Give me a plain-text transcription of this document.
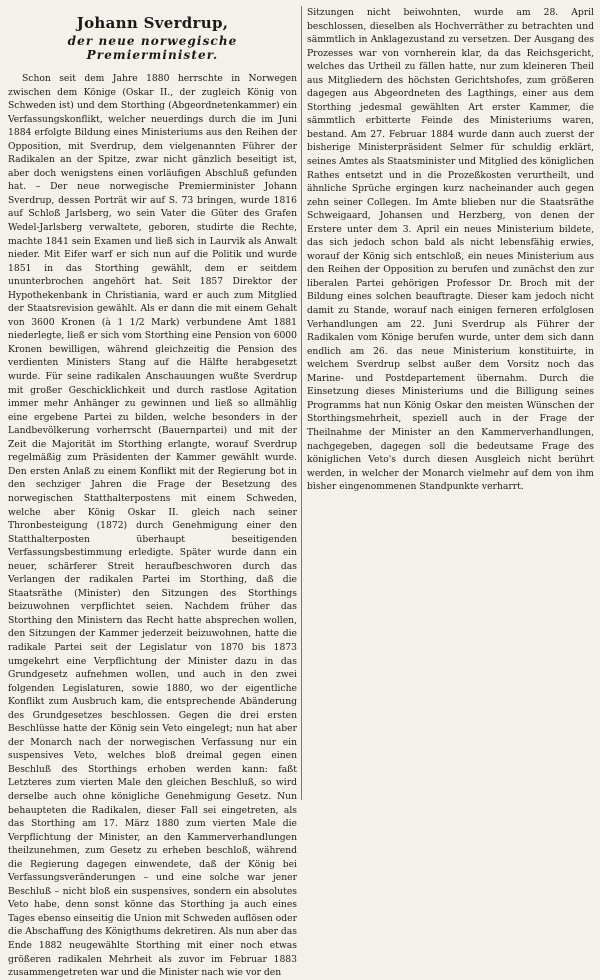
Johann Sverdrup,
der neue norwegische Premierminister.

Schon seit dem Jahre 1880 herrschte in Norwegen zwischen dem Könige (Oskar II., der zugleich König von Schweden ist) und dem Storthing (Abgeordnetenkammer) ein Verfassungskonflikt, welcher neuerdings durch die im Juni 1884 erfolgte Bildung eines Ministeriums aus den Reihen der Opposition, mit Sverdrup, dem vielgenannten Führer der Radikalen an der Spitze, zwar nicht gänzlich beseitigt ist, aber doch wenigstens einen vorläufigen Abschluß gefunden hat. – Der neue norwegische Premierminister Johann Sverdrup, dessen Porträt wir auf S. 73 bringen, wurde 1816 auf Schloß Jarlsberg, wo sein Vater die Güter des Grafen Wedel-Jarlsberg verwaltete, geboren, studirte die Rechte, machte 1841 sein Examen und ließ sich in Laurvik als Anwalt nieder. Mit Eifer warf er sich nun auf die Politik und wurde 1851 in das Storthing gewählt, dem er seitdem ununterbrochen angehört hat. Seit 1857 Direktor der Hypothekenbank in Christiania, ward er auch zum Mitglied der Staatsrevision gewählt. Als er dann die mit einem Gehalt von 3600 Kronen (à 1 1/2 Mark) verbundene Amt 1881 niederlegte, ließ er sich vom Storthing eine Pension von 6000 Kronen bewilligen, während gleichzeitig die Pension des verdienten Ministers Stang auf die Hälfte herabgesetzt wurde. Für seine radikalen Anschauungen wußte Sverdrup mit großer Geschicklichkeit und durch rastlose Agitation immer mehr Anhänger zu gewinnen und ließ so allmählig eine ergebene Partei zu bilden, welche besonders in der Landbevölkerung vorherrscht (Bauernpartei) und mit der Zeit die Majorität im Storthing erlangte, worauf Sverdrup regelmäßig zum Präsidenten der Kammer gewählt wurde. Den ersten Anlaß zu einem Konflikt mit der Regierung bot in den sechziger Jahren die Frage der Besetzung des norwegischen Statthalterpostens mit einem Schweden, welche aber König Oskar II. gleich nach seiner Thronbesteigung (1872) durch Genehmigung einer den Statthalterposten überhaupt beseitigenden Verfassungsbestimmung erledigte. Später wurde dann ein neuer, schärferer Streit heraufbeschworen durch das Verlangen der radikalen Partei im Storthing, daß die Staatsräthe (Minister) den Sitzungen des Storthings beizuwohnen verpflichtet seien. Nachdem früher das Storthing den Ministern das Recht hatte absprechen wollen, den Sitzungen der Kammer jederzeit beizuwohnen, hatte die radikale Partei seit der Legislatur von 1870 bis 1873 umgekehrt eine Verpflichtung der Minister dazu in das Grundgesetz aufnehmen wollen, und auch in den zwei folgenden Legislaturen, sowie 1880, wo der eigentliche Konflikt zum Ausbruch kam, die entsprechende Abänderung des Grundgesetzes beschlossen. Gegen die drei ersten Beschlüsse hatte der König sein Veto eingelegt; nun hat aber der Monarch nach der norwegischen Verfassung nur ein suspensives Veto, welches bloß dreimal gegen einen Beschluß des Storthings erhoben werden kann: faßt Letzteres zum vierten Male den gleichen Beschluß, so wird derselbe auch ohne königliche Genehmigung Gesetz. Nun behaupteten die Radikalen, dieser Fall sei eingetreten, als das Storthing am 17. März 1880 zum vierten Male die Verpflichtung der Minister, an den Kammerverhandlungen theilzunehmen, zum Gesetz zu erheben beschloß, während die Regierung dagegen einwendete, daß der König bei Verfassungsveränderungen – und eine solche war jener Beschluß – nicht bloß ein suspensives, sondern ein absolutes Veto habe, denn sonst könne das Storthing ja auch eines Tages ebenso einseitig die Union mit Schweden auflösen oder die Abschaffung des Königthums dekretiren. Als nun aber das Ende 1882 neugewählte Storthing mit einer noch etwas größeren radikalen Mehrheit als zuvor im Februar 1883 zusammengetreten war und die Minister nach wie vor den

Sitzungen nicht beiwohnten, wurde am 28. April beschlossen, dieselben als Hochverräther zu betrachten und sämmtlich in Anklagezustand zu versetzen. Der Ausgang des Prozesses war von vornherein klar, da das Reichsgericht, welches das Urtheil zu fällen hatte, nur zum kleineren Theil aus Mitgliedern des höchsten Gerichtshofes, zum größeren dagegen aus Abgeordneten des Lagthings, einer aus dem Storthing jedesmal gewählten Art erster Kammer, die sämmtlich erbitterte Feinde des Ministeriums waren, bestand. Am 27. Februar 1884 wurde dann auch zuerst der bisherige Ministerpräsident Selmer für schuldig erklärt, seines Amtes als Staatsminister und Mitglied des königlichen Rathes entsetzt und in die Prozeßkosten verurtheilt, und ähnliche Sprüche ergingen kurz nacheinander auch gegen zehn seiner Collegen. Im Amte blieben nur die Staatsräthe Schweigaard, Johansen und Herzberg, von denen der Erstere unter dem 3. April ein neues Ministerium bildete, das sich jedoch schon bald als nicht lebensfähig erwies, worauf der König sich entschloß, ein neues Ministerium aus den Reihen der Opposition zu berufen und zunächst den zur liberalen Partei gehörigen Professor Dr. Broch mit der Bildung eines solchen beauftragte. Dieser kam jedoch nicht damit zu Stande, worauf nach einigen ferneren erfolglosen Verhandlungen am 22. Juni Sverdrup als Führer der Radikalen vom Könige berufen wurde, unter dem sich dann endlich am 26. das neue Ministerium konstituirte, in welchem Sverdrup selbst außer dem Vorsitz noch das Marine- und Postdepartement übernahm. Durch die Einsetzung dieses Ministeriums und die Billigung seines Programms hat nun König Oskar den meisten Wünschen der Storthingsmehrheit, speziell auch in der Frage der Theilnahme der Minister an den Kammerverhandlungen, nachgegeben, dagegen soll die bedeutsame Frage des königlichen Veto's durch diesen Ausgleich nicht berührt werden, in welcher der Monarch vielmehr auf dem von ihm bisher eingenommenen Standpunkte verharrt.
